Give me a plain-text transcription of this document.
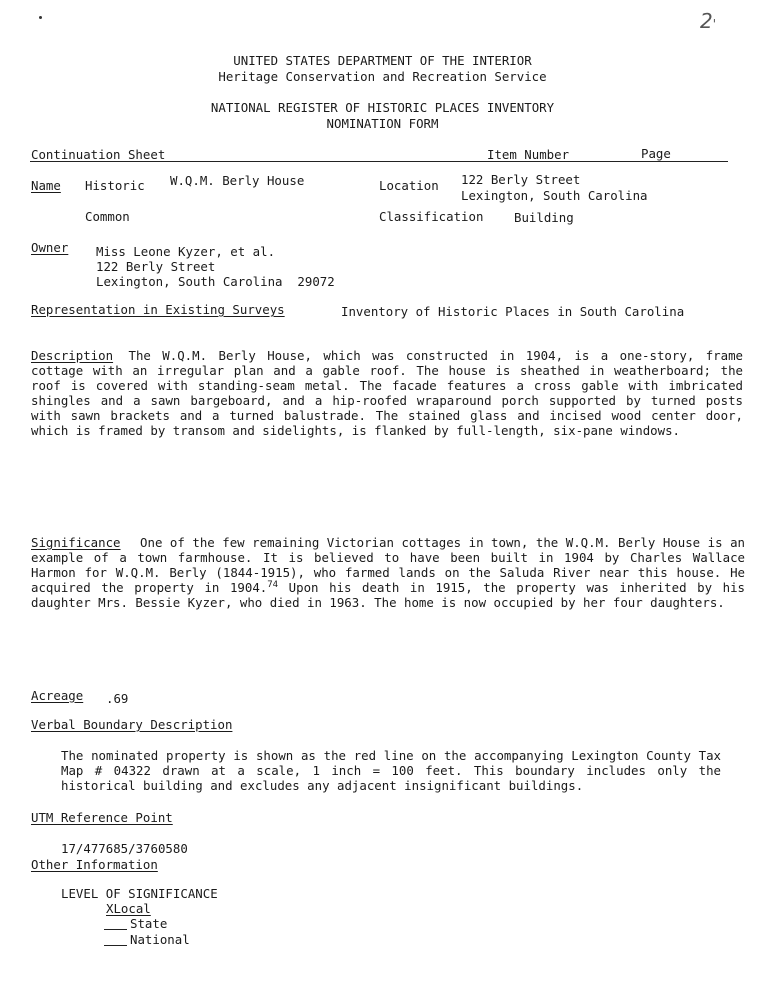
2'
UNITED STATES DEPARTMENT OF THE INTERIOR
Heritage Conservation and Recreation Service
NATIONAL REGISTER OF HISTORIC PLACES INVENTORY
NOMINATION FORM
Continuation Sheet	Item Number	Page
Name Historic W.Q.M. Berly House	Location 122 Berly Street
Lexington, South Carolina
Common	Classification Building
Owner Miss Leone Kyzer, et al.
122 Berly Street
Lexington, South Carolina  29072
Representation in Existing Surveys	Inventory of Historic Places in South Carolina
Description The W.Q.M. Berly House, which was constructed in 1904, is a one-story, frame cottage with an irregular plan and a gable roof. The house is sheathed in weatherboard; the roof is covered with standing-seam metal. The facade features a cross gable with imbricated shingles and a sawn bargeboard, and a hip-roofed wraparound porch supported by turned posts with sawn brackets and a turned balustrade. The stained glass and incised wood center door, which is framed by transom and sidelights, is flanked by full-length, six-pane windows.
Significance One of the few remaining Victorian cottages in town, the W.Q.M. Berly House is an example of a town farmhouse. It is believed to have been built in 1904 by Charles Wallace Harmon for W.Q.M. Berly (1844-1915), who farmed lands on the Saluda River near this house. He acquired the property in 1904.74 Upon his death in 1915, the property was inherited by his daughter Mrs. Bessie Kyzer, who died in 1963. The home is now occupied by her four daughters.
Acreage .69
Verbal Boundary Description
The nominated property is shown as the red line on the accompanying Lexington County Tax Map # 04322 drawn at a scale, 1 inch = 100 feet. This boundary includes only the historical building and excludes any adjacent insignificant buildings.
UTM Reference Point
17/477685/3760580
Other Information
LEVEL OF SIGNIFICANCE
XLocal
State
National
